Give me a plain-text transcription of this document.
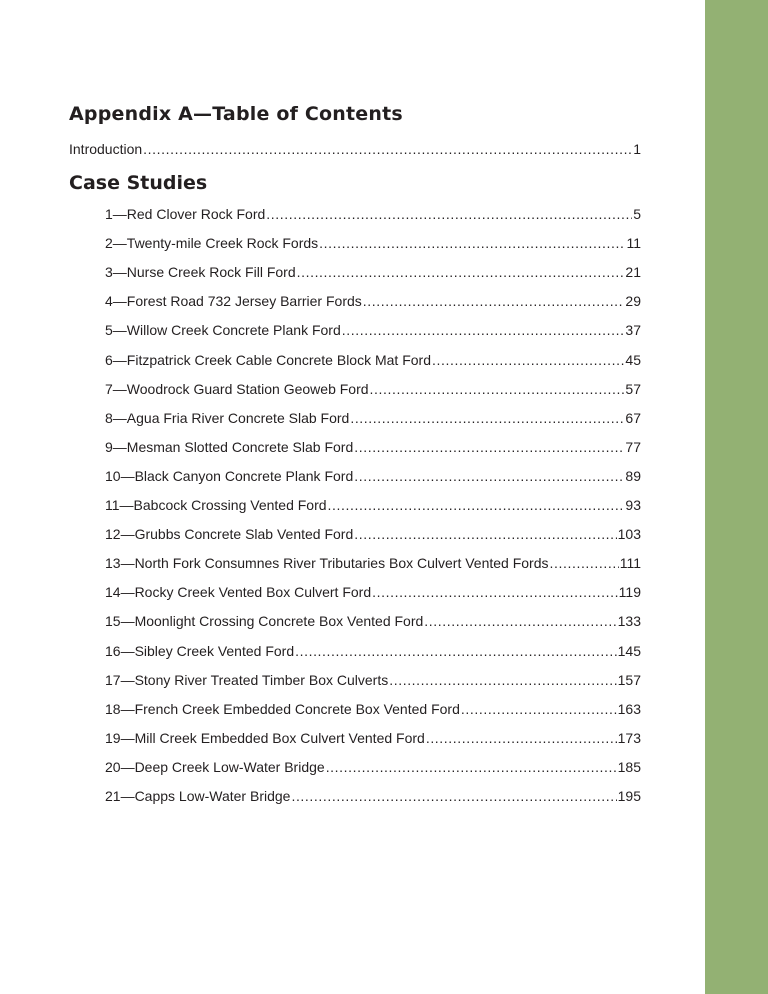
Appendix A—Table of Contents
Introduction .....	1
Case Studies
1—Red Clover Rock Ford .....	5
2—Twenty-mile Creek Rock Fords .....	11
3—Nurse Creek Rock Fill Ford .....	21
4—Forest Road 732 Jersey Barrier Fords .....	29
5—Willow Creek Concrete Plank Ford .....	37
6—Fitzpatrick Creek Cable Concrete Block Mat Ford .....	45
7—Woodrock Guard Station Geoweb Ford .....	57
8—Agua Fria River Concrete Slab Ford .....	67
9—Mesman Slotted Concrete Slab Ford .....	77
10—Black Canyon Concrete Plank Ford .....	89
11—Babcock Crossing Vented Ford .....	93
12—Grubbs Concrete Slab Vented Ford .....	103
13—North Fork Consumnes River Tributaries Box Culvert Vented Fords .....	111
14—Rocky Creek Vented Box Culvert Ford .....	119
15—Moonlight Crossing Concrete Box Vented Ford .....	133
16—Sibley Creek Vented Ford .....	145
17—Stony River Treated Timber Box Culverts .....	157
18—French Creek Embedded Concrete Box Vented Ford .....	163
19—Mill Creek Embedded Box Culvert Vented Ford .....	173
20—Deep Creek Low-Water Bridge .....	185
21—Capps Low-Water Bridge .....	195
